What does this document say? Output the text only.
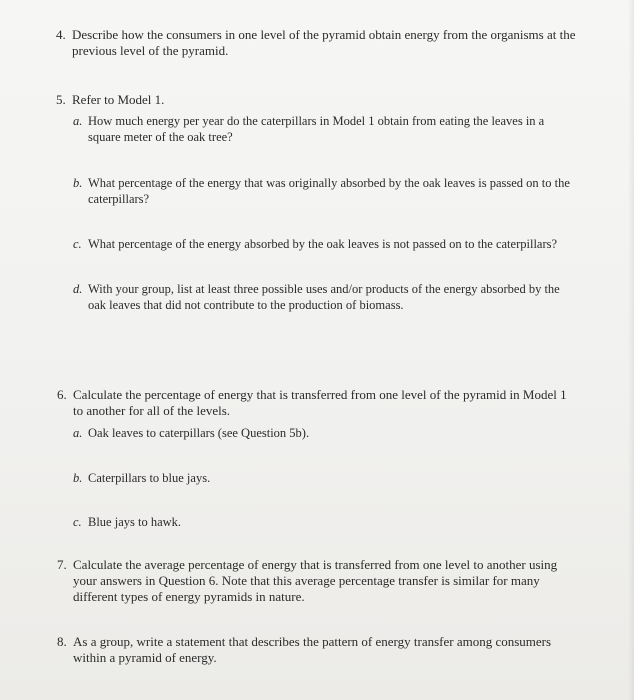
4. Describe how the consumers in one level of the pyramid obtain energy from the organisms at the previous level of the pyramid.
5. Refer to Model 1.
a. How much energy per year do the caterpillars in Model 1 obtain from eating the leaves in a square meter of the oak tree?
b. What percentage of the energy that was originally absorbed by the oak leaves is passed on to the caterpillars?
c. What percentage of the energy absorbed by the oak leaves is not passed on to the caterpillars?
d. With your group, list at least three possible uses and/or products of the energy absorbed by the oak leaves that did not contribute to the production of biomass.
6. Calculate the percentage of energy that is transferred from one level of the pyramid in Model 1 to another for all of the levels.
a. Oak leaves to caterpillars (see Question 5b).
b. Caterpillars to blue jays.
c. Blue jays to hawk.
7. Calculate the average percentage of energy that is transferred from one level to another using your answers in Question 6. Note that this average percentage transfer is similar for many different types of energy pyramids in nature.
8. As a group, write a statement that describes the pattern of energy transfer among consumers within a pyramid of energy.
